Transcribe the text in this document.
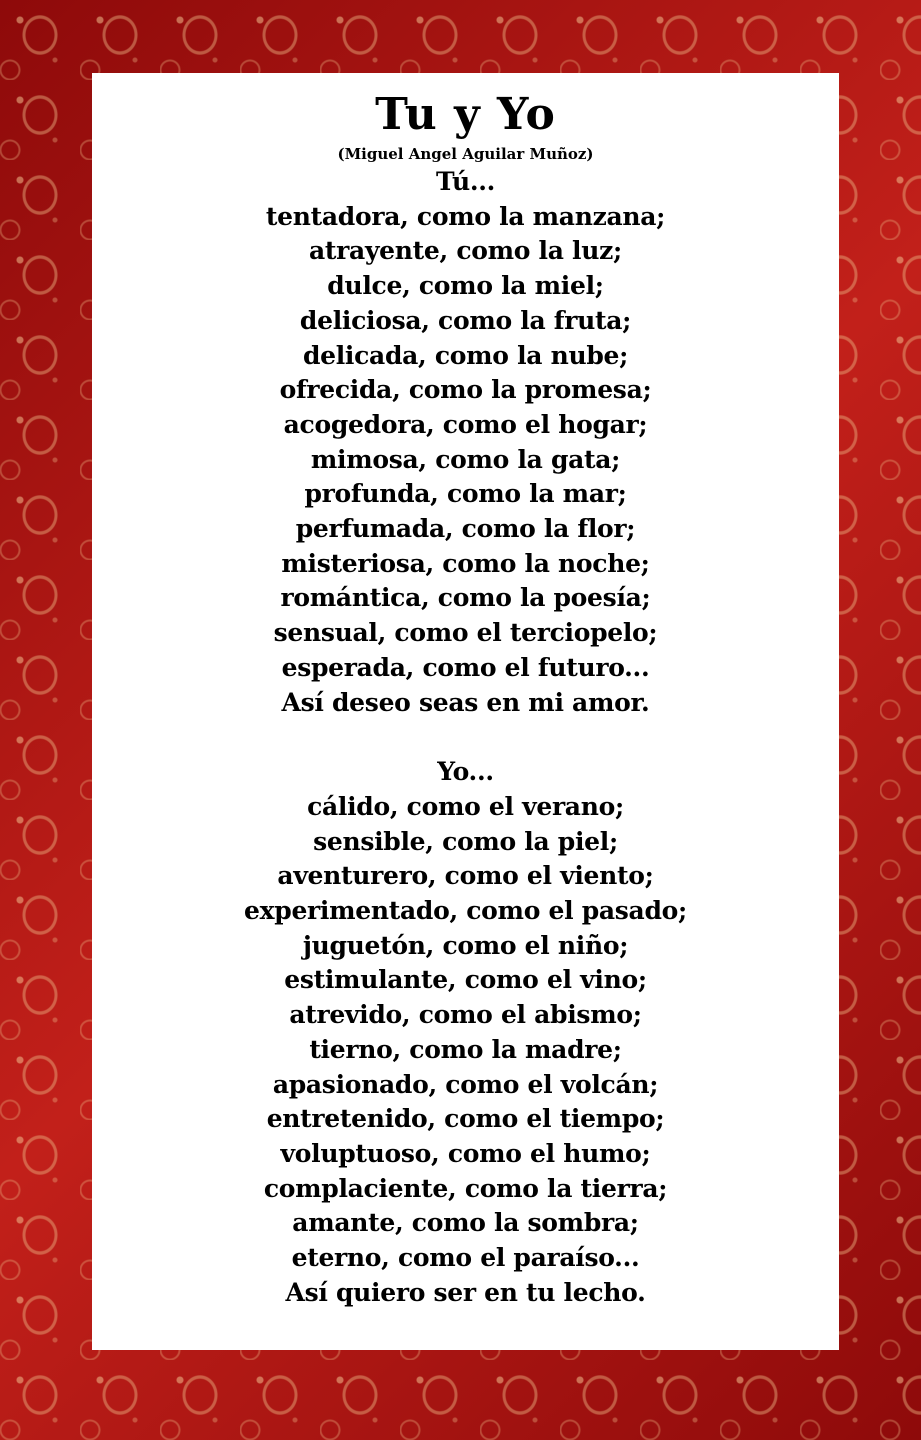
Tu y Yo

(Miguel Angel Aguilar Muñoz)

Tú...
tentadora, como la manzana;
atrayente, como la luz;
dulce, como la miel;
deliciosa, como la fruta;
delicada, como la nube;
ofrecida, como la promesa;
acogedora, como el hogar;
mimosa, como la gata;
profunda, como la mar;
perfumada, como la flor;
misteriosa, como la noche;
romántica, como la poesía;
sensual, como el terciopelo;
esperada, como el futuro...
Así deseo seas en mi amor.
Yo...
cálido, como el verano;
sensible, como la piel;
aventurero, como el viento;
experimentado, como el pasado;
juguetón, como el niño;
estimulante, como el vino;
atrevido, como el abismo;
tierno, como la madre;
apasionado, como el volcán;
entretenido, como el tiempo;
voluptuoso, como el humo;
complaciente, como la tierra;
amante, como la sombra;
eterno, como el paraíso...
Así quiero ser en tu lecho.
